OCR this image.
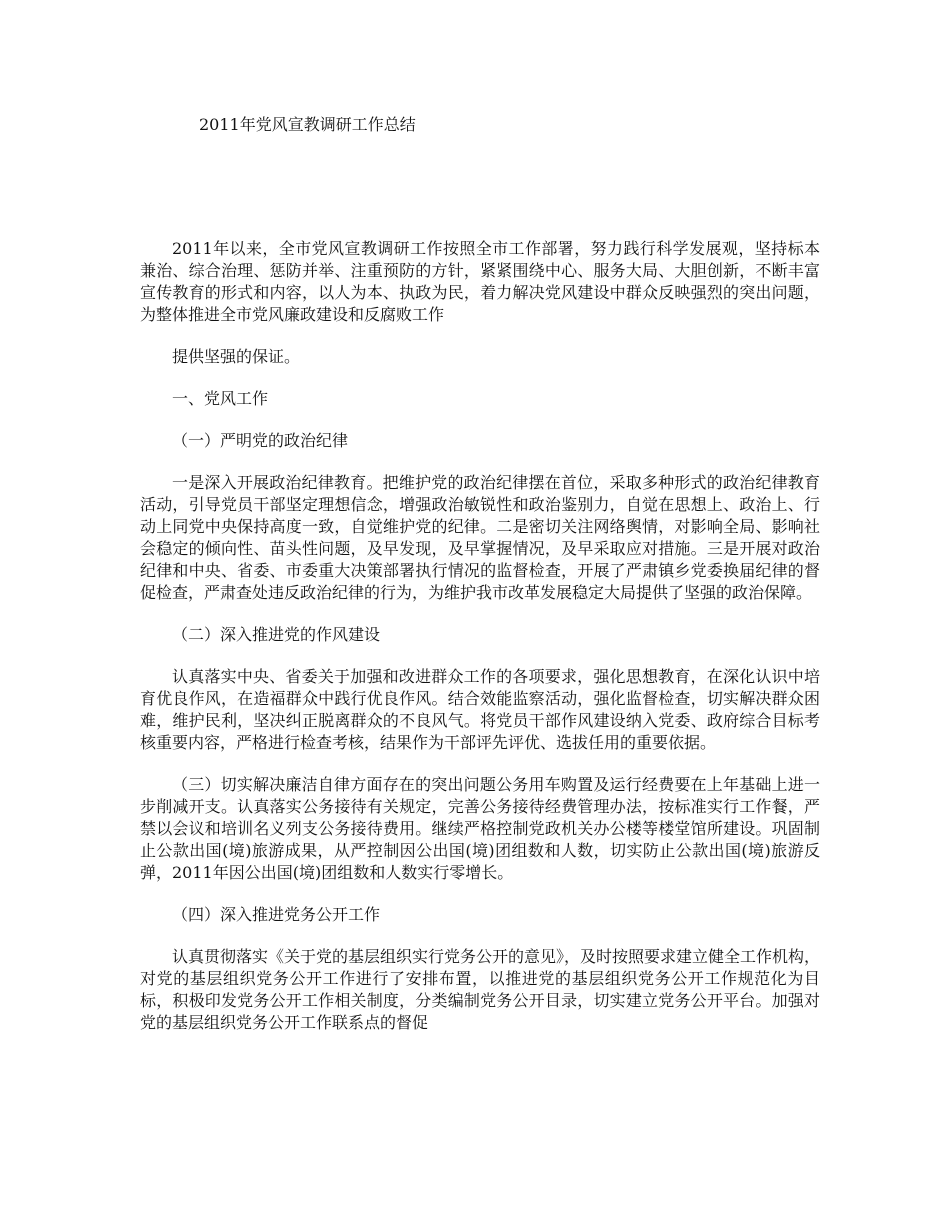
2011年党风宣教调研工作总结

2011年以来，全市党风宣教调研工作按照全市工作部署，努力践行科学发展观，坚持标本兼治、综合治理、惩防并举、注重预防的方针，紧紧围绕中心、服务大局、大胆创新，不断丰富宣传教育的形式和内容，以人为本、执政为民，着力解决党风建设中群众反映强烈的突出问题，为整体推进全市党风廉政建设和反腐败工作

提供坚强的保证。

一、党风工作
（一）严明党的政治纪律

一是深入开展政治纪律教育。把维护党的政治纪律摆在首位，采取多种形式的政治纪律教育活动，引导党员干部坚定理想信念，增强政治敏锐性和政治鉴别力，自觉在思想上、政治上、行动上同党中央保持高度一致，自觉维护党的纪律。二是密切关注网络舆情，对影响全局、影响社会稳定的倾向性、苗头性问题，及早发现，及早掌握情况，及早采取应对措施。三是开展对政治纪律和中央、省委、市委重大决策部署执行情况的监督检查，开展了严肃镇乡党委换届纪律的督促检查，严肃查处违反政治纪律的行为，为维护我市改革发展稳定大局提供了坚强的政治保障。

（二）深入推进党的作风建设

认真落实中央、省委关于加强和改进群众工作的各项要求，强化思想教育，在深化认识中培育优良作风，在造福群众中践行优良作风。结合效能监察活动，强化监督检查，切实解决群众困难，维护民利，坚决纠正脱离群众的不良风气。将党员干部作风建设纳入党委、政府综合目标考核重要内容，严格进行检查考核，结果作为干部评先评优、选拔任用的重要依据。

（三）切实解决廉洁自律方面存在的突出问题公务用车购置及运行经费要在上年基础上进一步削减开支。认真落实公务接待有关规定，完善公务接待经费管理办法，按标准实行工作餐，严禁以会议和培训名义列支公务接待费用。继续严格控制党政机关办公楼等楼堂馆所建设。巩固制止公款出国(境)旅游成果，从严控制因公出国(境)团组数和人数，切实防止公款出国(境)旅游反弹，2011年因公出国(境)团组数和人数实行零增长。

（四）深入推进党务公开工作

认真贯彻落实《关于党的基层组织实行党务公开的意见》，及时按照要求建立健全工作机构，对党的基层组织党务公开工作进行了安排布置，以推进党的基层组织党务公开工作规范化为目标，积极印发党务公开工作相关制度，分类编制党务公开目录，切实建立党务公开平台。加强对党的基层组织党务公开工作联系点的督促
